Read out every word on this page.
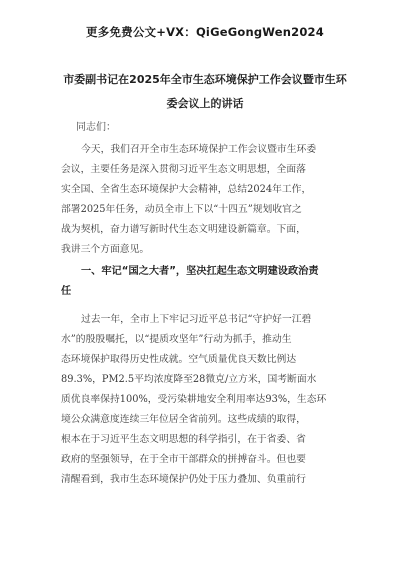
更多免费公文+VX：QiGeGongWen2024
市委副书记在2025年全市生态环境保护工作会议暨市生环
委会议上的讲话
同志们：
今天，我们召开全市生态环境保护工作会议暨市生环委
会议，主要任务是深入贯彻习近平生态文明思想，全面落
实全国、全省生态环境保护大会精神，总结2024年工作，
部署2025年任务，动员全市上下以“十四五”规划收官之
战为契机，奋力谱写新时代生态文明建设新篇章。下面，
我讲三个方面意见。
一、牢记“国之大者”，坚决扛起生态文明建设政治责
任
过去一年，全市上下牢记习近平总书记“守护好一江碧
水”的殷殷嘱托，以“提质攻坚年”行动为抓手，推动生
态环境保护取得历史性成就。空气质量优良天数比例达
89.3%，PM2.5平均浓度降至28微克/立方米，国考断面水
质优良率保持100%，受污染耕地安全利用率达93%，生态环
境公众满意度连续三年位居全省前列。这些成绩的取得，
根本在于习近平生态文明思想的科学指引，在于省委、省
政府的坚强领导，在于全市干部群众的拼搏奋斗。但也要
清醒看到，我市生态环境保护仍处于压力叠加、负重前行
